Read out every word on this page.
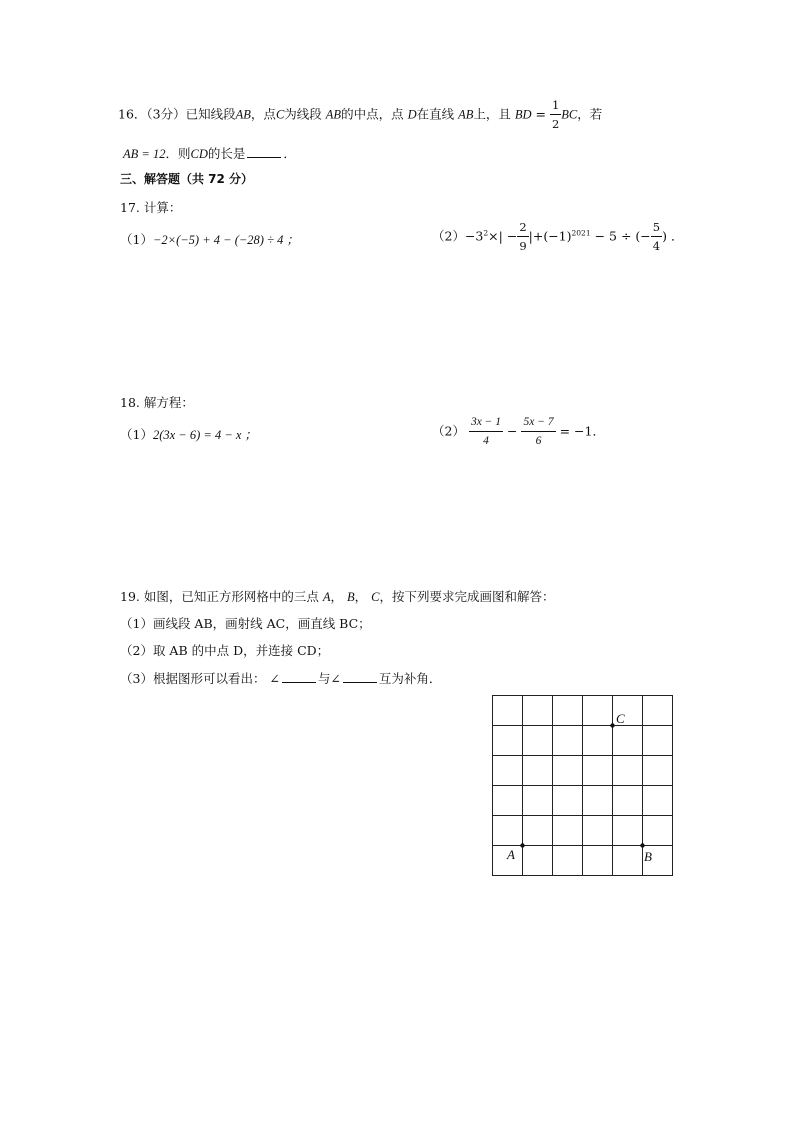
16．（3分）已知线段AB，点C为线段 AB的中点，点 D在直线 AB上，且 BD = $\frac{1}{2}$ BC，若
AB = 12．则CD的长是	．
三、解答题（共 72 分）
17. 计算：
（1）−2×(−5) + 4 − (−28) ÷ 4 ；	$(2)-3^2\times| - \frac{2}{9} |+(-1)^{2021} - 5$ ÷ (− $\frac{5}{4}$ ) ．
18. 解方程：
（1）2(3x − 6) = 4 − x ；	$(2) \frac{3x - 1}{4} - \frac{5x - 7}{6} = -1$．
19. 如图，已知正方形网格中的三点 A， B， C，按下列要求完成画图和解答：
（1）画线段 AB，画射线 AC，画直线 BC；
（2）取 AB 的中点 D，并连接 CD；
（3）根据图形可以看出： ∠	与∠	互为补角．
A	B
C
